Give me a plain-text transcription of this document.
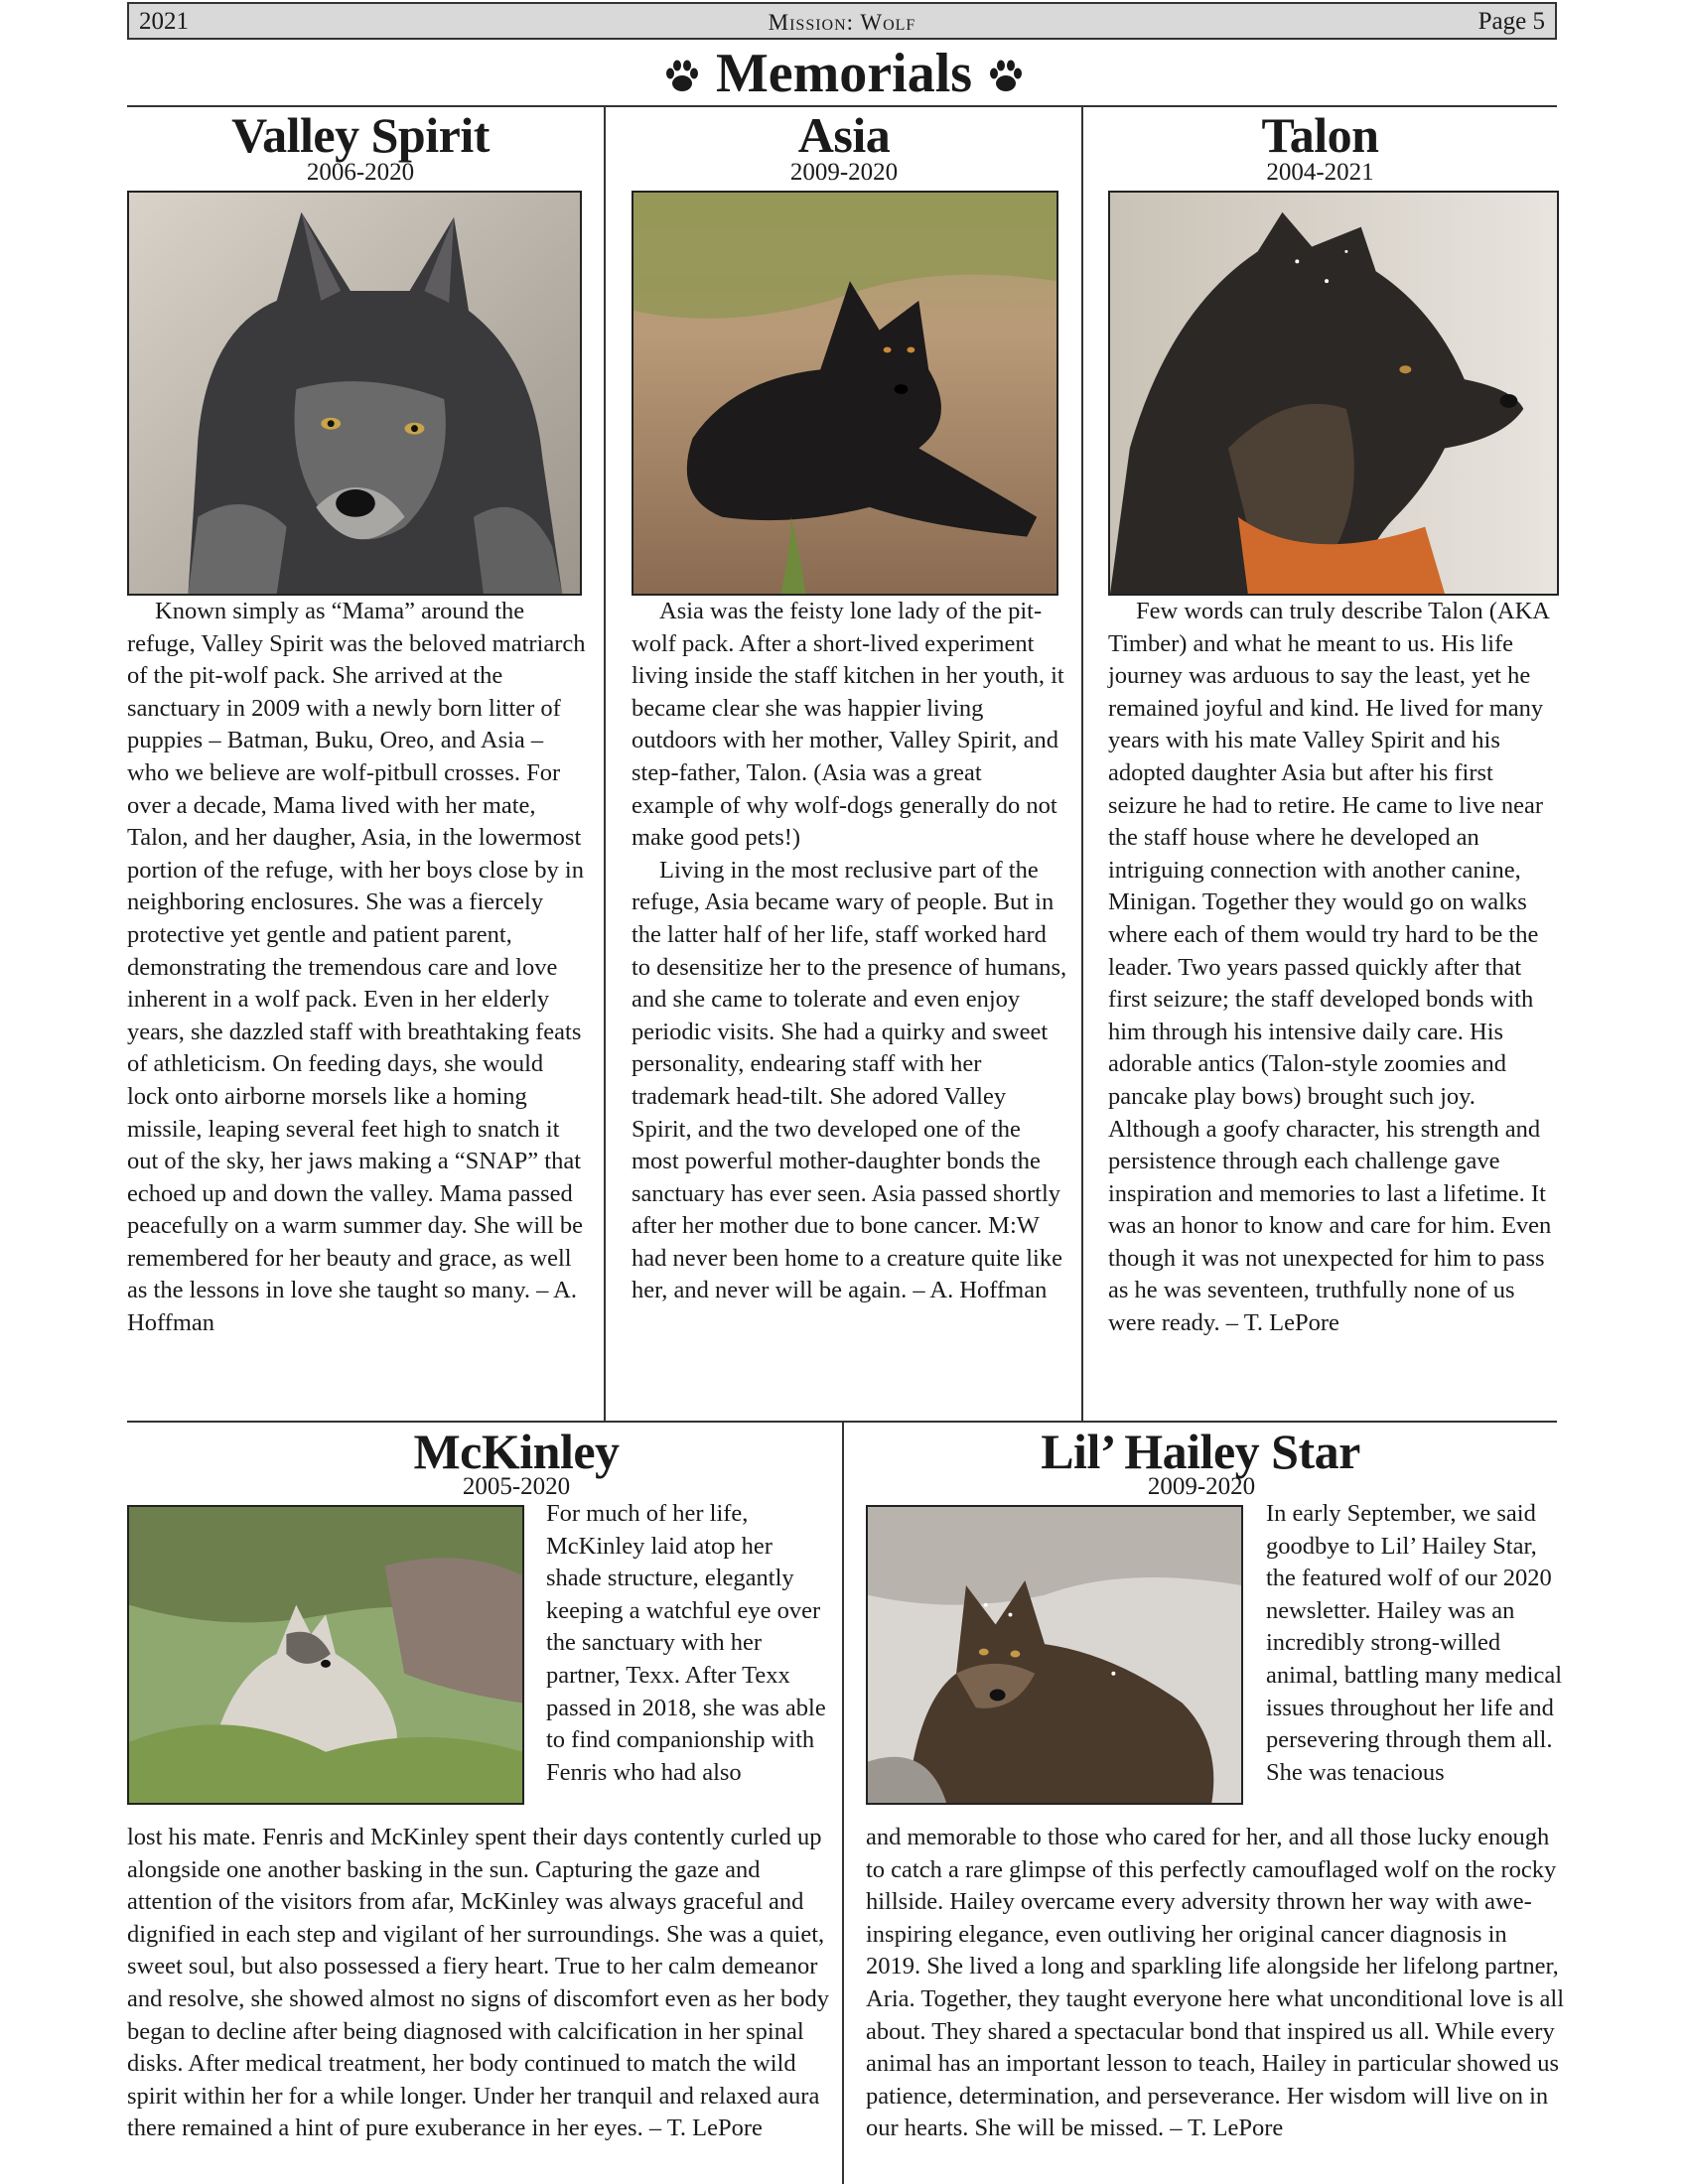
2021	Mission: Wolf	Page 5
Memorials
Valley Spirit
2006-2020

Known simply as “Mama” around the refuge, Valley Spirit was the beloved matriarch of the pit-wolf pack. She arrived at the sanctuary in 2009 with a newly born litter of puppies – Batman, Buku, Oreo, and Asia – who we believe are wolf-pitbull crosses. For over a decade, Mama lived with her mate, Talon, and her daugher, Asia, in the lowermost portion of the refuge, with her boys close by in neighboring enclosures. She was a fiercely protective yet gentle and patient parent, demonstrating the tremendous care and love inherent in a wolf pack. Even in her elderly years, she dazzled staff with breathtaking feats of athleticism. On feeding days, she would lock onto airborne morsels like a homing missile, leaping several feet high to snatch it out of the sky, her jaws making a “SNAP” that echoed up and down the valley. Mama passed peacefully on a warm summer day. She will be remembered for her beauty and grace, as well as the lessons in love she taught so many. – A. Hoffman

Asia
2009-2020

Asia was the feisty lone lady of the pit-wolf pack. After a short-lived experiment living inside the staff kitchen in her youth, it became clear she was happier living outdoors with her mother, Valley Spirit, and step-father, Talon. (Asia was a great example of why wolf-dogs generally do not make good pets!)

Living in the most reclusive part of the refuge, Asia became wary of people. But in the latter half of her life, staff worked hard to desensitize her to the presence of humans, and she came to tolerate and even enjoy periodic visits. She had a quirky and sweet personality, endearing staff with her trademark head-tilt. She adored Valley Spirit, and the two developed one of the most powerful mother-daughter bonds the sanctuary has ever seen. Asia passed shortly after her mother due to bone cancer. M:W had never been home to a creature quite like her, and never will be again. – A. Hoffman

Talon
2004-2021

Few words can truly describe Talon (AKA Timber) and what he meant to us. His life journey was arduous to say the least, yet he remained joyful and kind. He lived for many years with his mate Valley Spirit and his adopted daughter Asia but after his first seizure he had to retire. He came to live near the staff house where he developed an intriguing connection with another canine, Minigan. Together they would go on walks where each of them would try hard to be the leader. Two years passed quickly after that first seizure; the staff developed bonds with him through his intensive daily care. His adorable antics (Talon-style zoomies and pancake play bows) brought such joy. Although a goofy character, his strength and persistence through each challenge gave inspiration and memories to last a lifetime. It was an honor to know and care for him. Even though it was not unexpected for him to pass as he was seventeen, truthfully none of us were ready. – T. LePore

McKinley
2005-2020

For much of her life, McKinley laid atop her shade structure, elegantly keeping a watchful eye over the sanctuary with her partner, Texx. After Texx passed in 2018, she was able to find companionship with Fenris who had also

lost his mate. Fenris and McKinley spent their days contently curled up alongside one another basking in the sun. Capturing the gaze and attention of the visitors from afar, McKinley was always graceful and dignified in each step and vigilant of her surroundings. She was a quiet, sweet soul, but also possessed a fiery heart. True to her calm demeanor and resolve, she showed almost no signs of discomfort even as her body began to decline after being diagnosed with calcification in her spinal disks. After medical treatment, her body continued to match the wild spirit within her for a while longer. Under her tranquil and relaxed aura there remained a hint of pure exuberance in her eyes. – T. LePore

Lil’ Hailey Star
2009-2020

In early September, we said goodbye to Lil’ Hailey Star, the featured wolf of our 2020 newsletter. Hailey was an incredibly strong-willed animal, battling many medical issues throughout her life and persevering through them all. She was tenacious

and memorable to those who cared for her, and all those lucky enough to catch a rare glimpse of this perfectly camouflaged wolf on the rocky hillside. Hailey overcame every adversity thrown her way with awe-inspiring elegance, even outliving her original cancer diagnosis in 2019. She lived a long and sparkling life alongside her lifelong partner, Aria. Together, they taught everyone here what unconditional love is all about. They shared a spectacular bond that inspired us all. While every animal has an important lesson to teach, Hailey in particular showed us patience, determination, and perseverance. Her wisdom will live on in our hearts. She will be missed. – T. LePore
